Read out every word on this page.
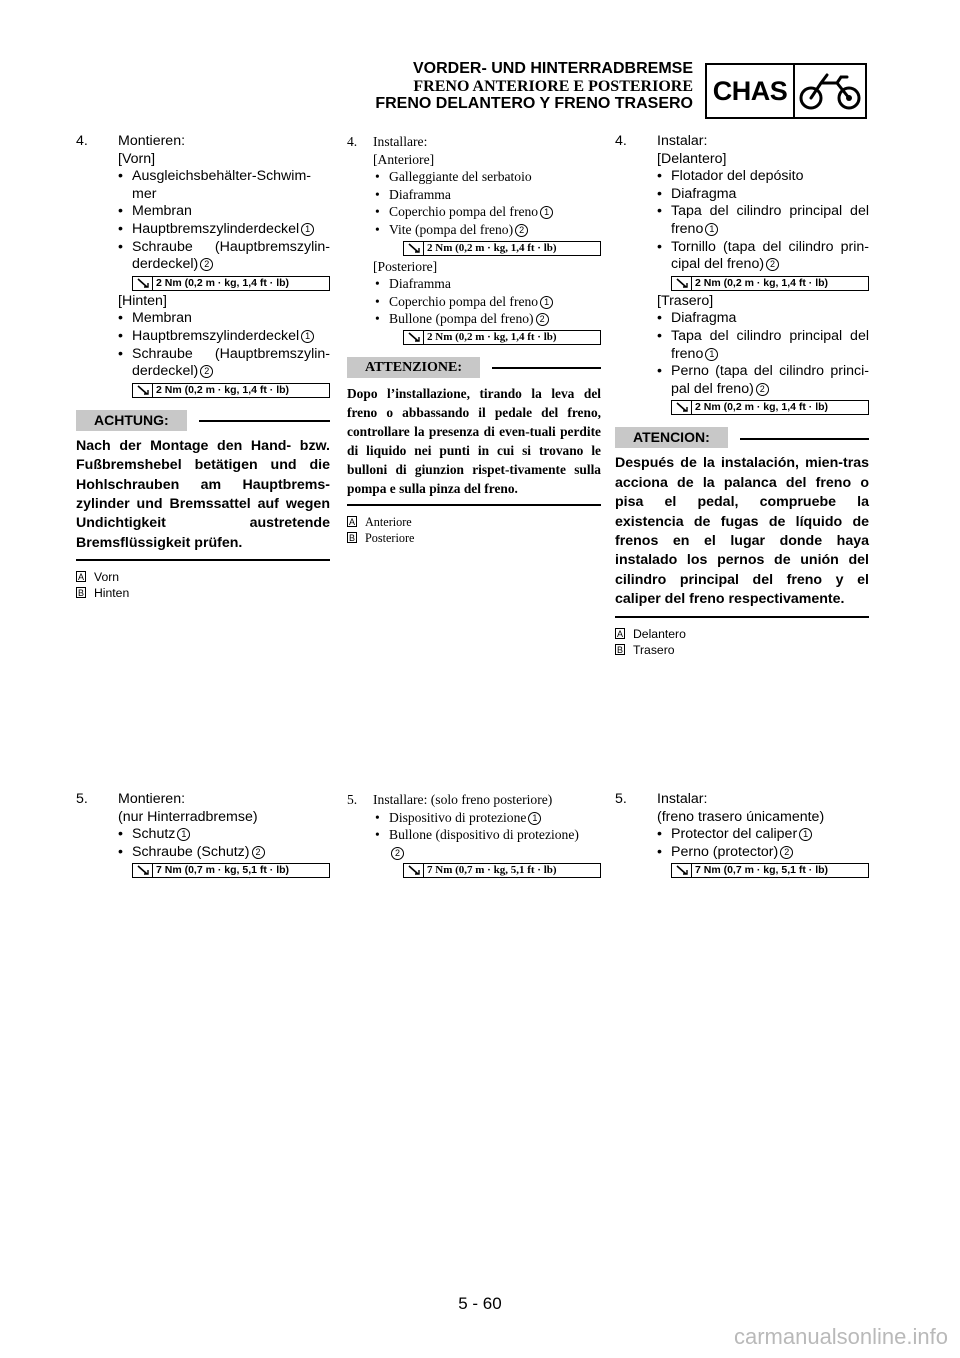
VORDER- UND HINTERRADBREMSE
FRENO ANTERIORE E POSTERIORE
FRENO DELANTERO Y FRENO TRASERO CHAS
4.	Montieren:
[Vorn]
• Ausgleichsbehälter-Schwim-mer
• Membran
• Hauptbremszylinderdeckel 1
• Schraube (Hauptbremszylin-derdeckel) 2
2 Nm (0,2 m · kg, 1,4 ft · lb)
[Hinten]
• Membran
• Hauptbremszylinderdeckel 1
• Schraube (Hauptbremszylin-derdeckel) 2
2 Nm (0,2 m · kg, 1,4 ft · lb)
ACHTUNG:
Nach der Montage den Hand- bzw. Fußbremshebel betätigen und die Hohlschrauben am Hauptbrems-zylinder und Bremssattel auf wegen Undichtigkeit austretende Bremsflüssigkeit prüfen.
A Vorn
B Hinten
4.	Installare:
[Anteriore]
• Galleggiante del serbatoio
• Diaframma
• Coperchio pompa del freno 1
• Vite (pompa del freno) 2
2 Nm (0,2 m · kg, 1,4 ft · lb)
[Posteriore]
• Diaframma
• Coperchio pompa del freno 1
• Bullone (pompa del freno) 2
2 Nm (0,2 m · kg, 1,4 ft · lb)
ATTENZIONE:
Dopo l’installazione, tirando la leva del freno o abbassando il pedale del freno, controllare la presenza di even-tuali perdite di liquido nei punti in cui si trovano le bulloni di giunzion rispet-tivamente sulla pompa e sulla pinza del freno.
A Anteriore
B Posteriore
4.	Instalar:
[Delantero]
• Flotador del depósito
• Diafragma
• Tapa del cilindro principal del freno 1
• Tornillo (tapa del cilindro prin-cipal del freno) 2
2 Nm (0,2 m · kg, 1,4 ft · lb)
[Trasero]
• Diafragma
• Tapa del cilindro principal del freno 1
• Perno (tapa del cilindro princi-pal del freno) 2
2 Nm (0,2 m · kg, 1,4 ft · lb)
ATENCION:
Después de la instalación, mien-tras acciona de la palanca del freno o pisa el pedal, compruebe la existencia de fugas de líquido de frenos en el lugar donde haya instalado los pernos de unión del cilindro principal del freno y el caliper del freno respectivamente.
A Delantero
B Trasero
5.	Montieren:
(nur Hinterradbremse)
• Schutz 1
• Schraube (Schutz) 2
7 Nm (0,7 m · kg, 5,1 ft · lb)
5.	Installare: (solo freno posteriore)
• Dispositivo di protezione 1
• Bullone (dispositivo di protezione)2
7 Nm (0,7 m · kg, 5,1 ft · lb)
5.	Instalar:
(freno trasero únicamente)
• Protector del caliper 1
• Perno (protector) 2
7 Nm (0,7 m · kg, 5,1 ft · lb)
5 - 60
carmanualsonline.info
